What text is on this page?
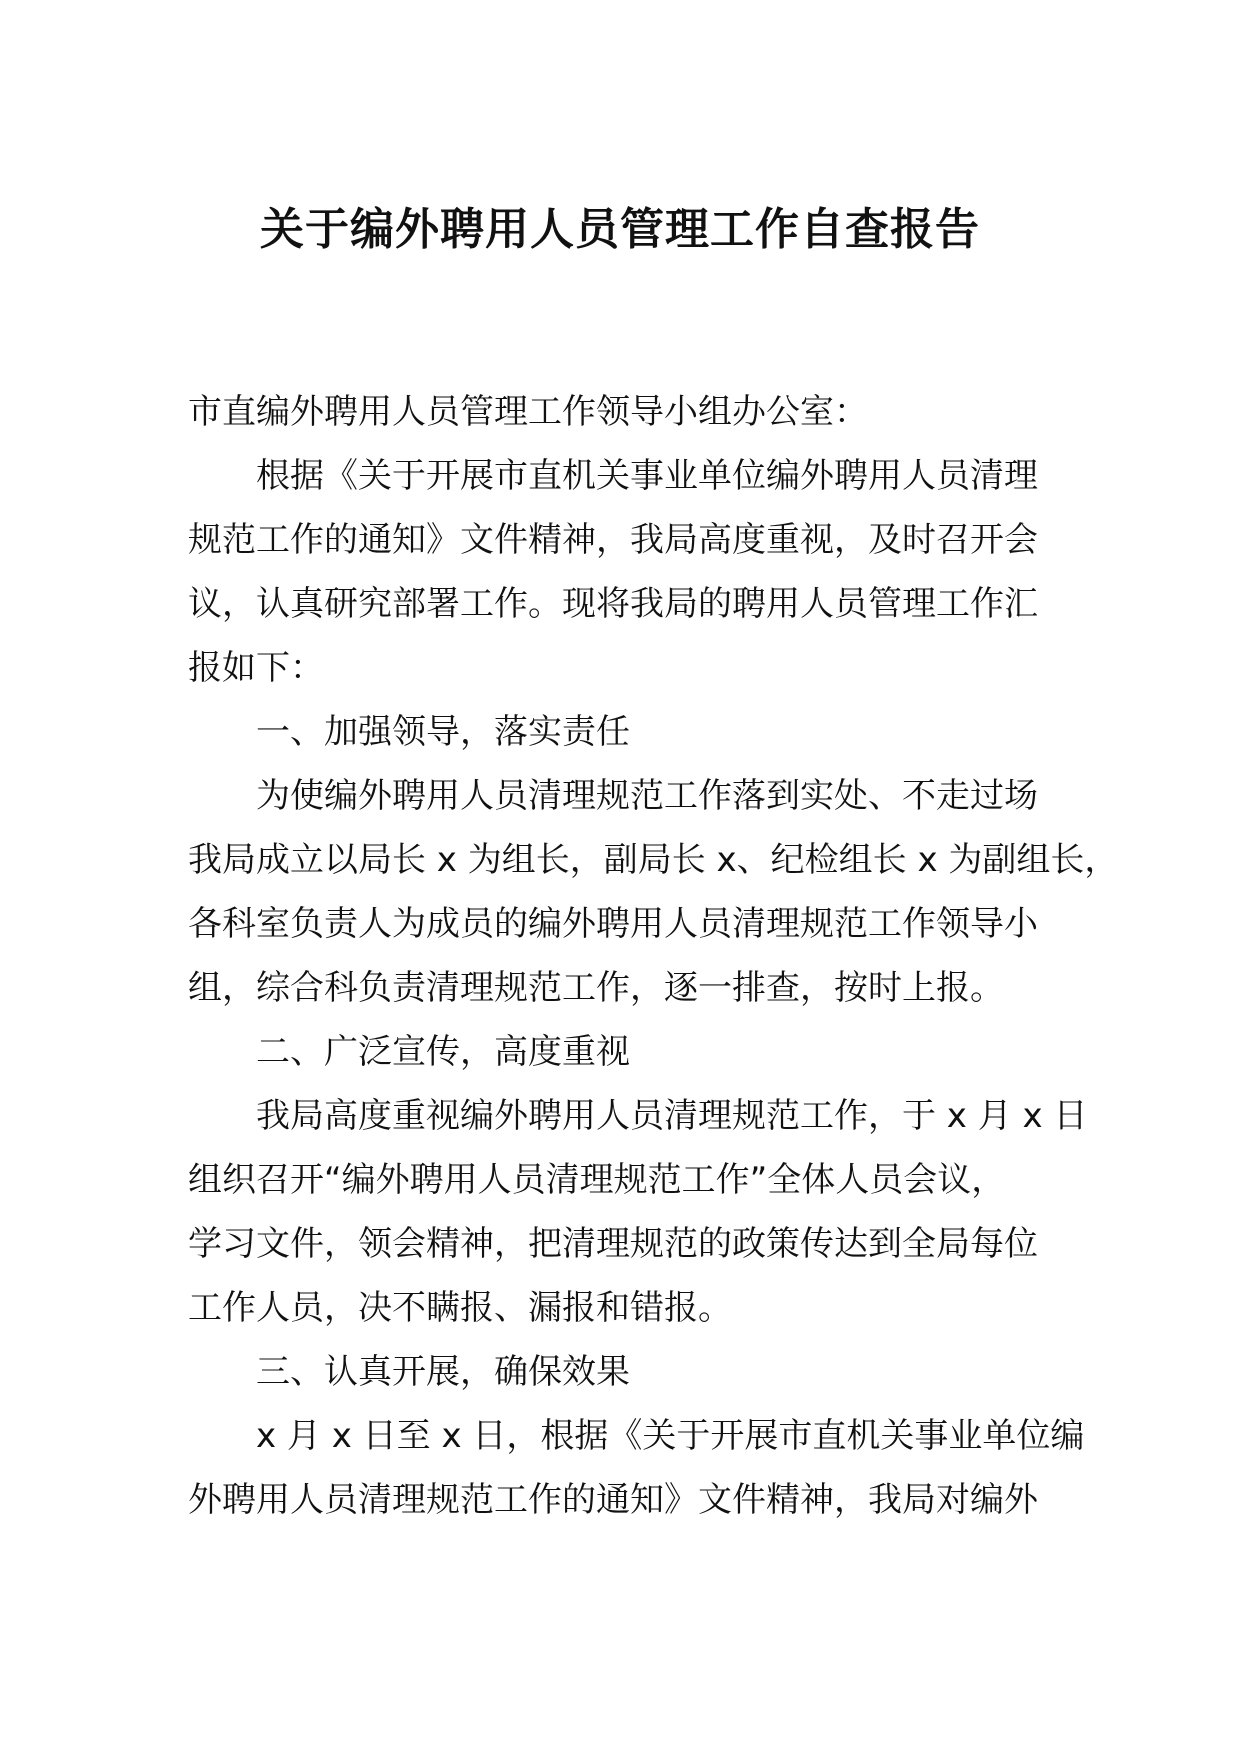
关于编外聘用人员管理工作自查报告
市直编外聘用人员管理工作领导小组办公室：
根据《关于开展市直机关事业单位编外聘用人员清理
规范工作的通知》文件精神，我局高度重视，及时召开会
议，认真研究部署工作。现将我局的聘用人员管理工作汇
报如下：
一、加强领导，落实责任
为使编外聘用人员清理规范工作落到实处、不走过场
我局成立以局长 x 为组长，副局长 x、纪检组长 x 为副组长，
各科室负责人为成员的编外聘用人员清理规范工作领导小
组，综合科负责清理规范工作，逐一排查，按时上报。
二、广泛宣传，高度重视
我局高度重视编外聘用人员清理规范工作，于 x 月 x 日
组织召开“编外聘用人员清理规范工作”全体人员会议，
学习文件，领会精神，把清理规范的政策传达到全局每位
工作人员，决不瞒报、漏报和错报。
三、认真开展，确保效果
x 月 x 日至 x 日，根据《关于开展市直机关事业单位编
外聘用人员清理规范工作的通知》文件精神，我局对编外
